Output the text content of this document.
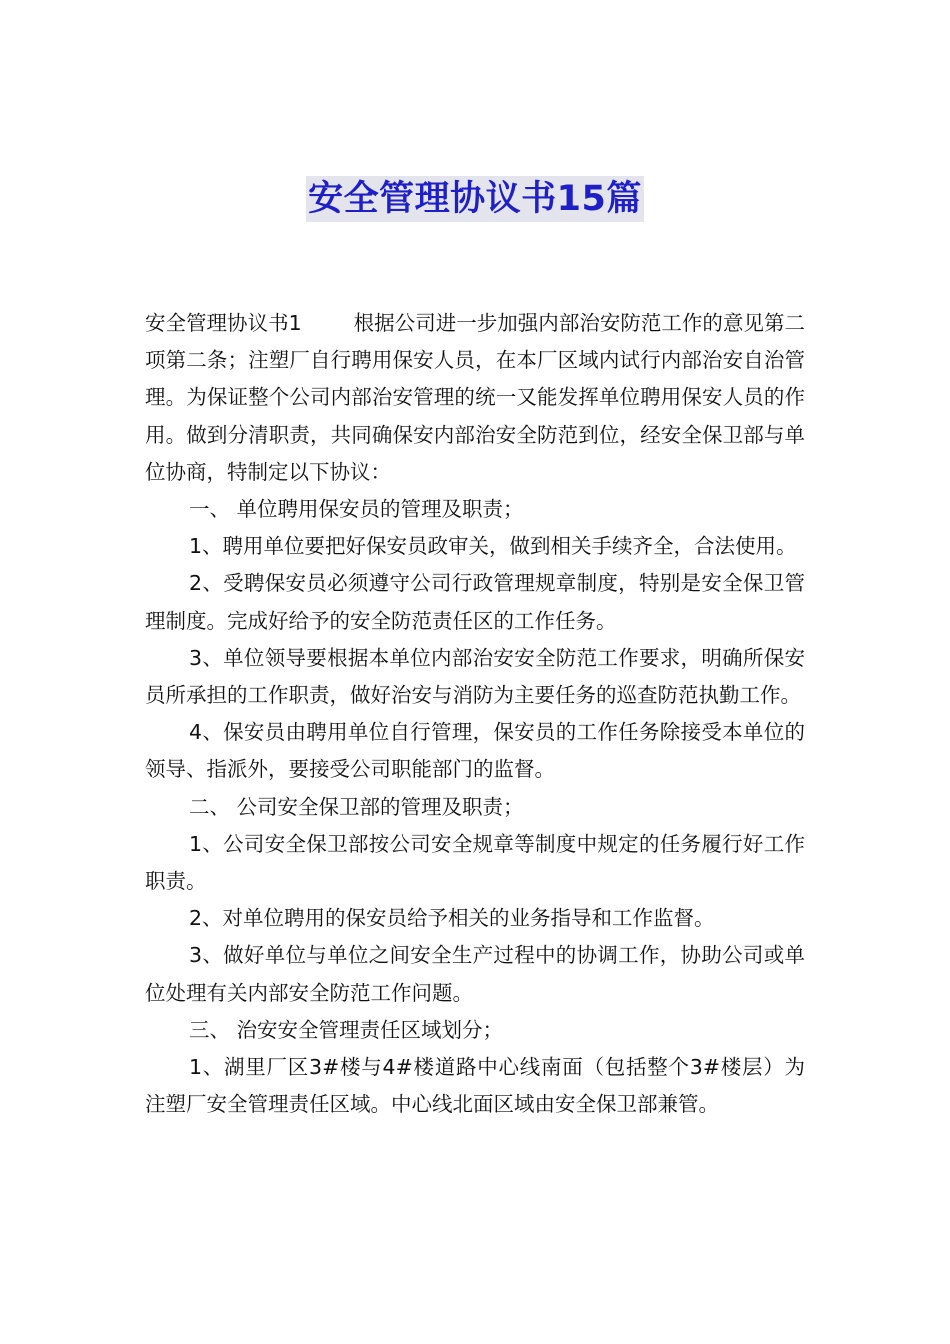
安全管理协议书15篇

安全管理协议书1	根据公司进一步加强内部治安防范工作的意见第二项第二条；注塑厂自行聘用保安人员，在本厂区域内试行内部治安自治管理。为保证整个公司内部治安管理的统一又能发挥单位聘用保安人员的作用。做到分清职责，共同确保安内部治安全防范到位，经安全保卫部与单位协商，特制定以下协议：

一、 单位聘用保安员的管理及职责；

1、聘用单位要把好保安员政审关，做到相关手续齐全，合法使用。

2、受聘保安员必须遵守公司行政管理规章制度，特别是安全保卫管理制度。完成好给予的安全防范责任区的工作任务。

3、单位领导要根据本单位内部治安安全防范工作要求，明确所保安员所承担的工作职责，做好治安与消防为主要任务的巡查防范执勤工作。

4、保安员由聘用单位自行管理，保安员的工作任务除接受本单位的领导、指派外，要接受公司职能部门的监督。

二、 公司安全保卫部的管理及职责；

1、公司安全保卫部按公司安全规章等制度中规定的任务履行好工作职责。

2、对单位聘用的保安员给予相关的业务指导和工作监督。

3、做好单位与单位之间安全生产过程中的协调工作，协助公司或单位处理有关内部安全防范工作问题。

三、 治安安全管理责任区域划分；

1、湖里厂区3#楼与4#楼道路中心线南面（包括整个3#楼层）为注塑厂安全管理责任区域。中心线北面区域由安全保卫部兼管。
